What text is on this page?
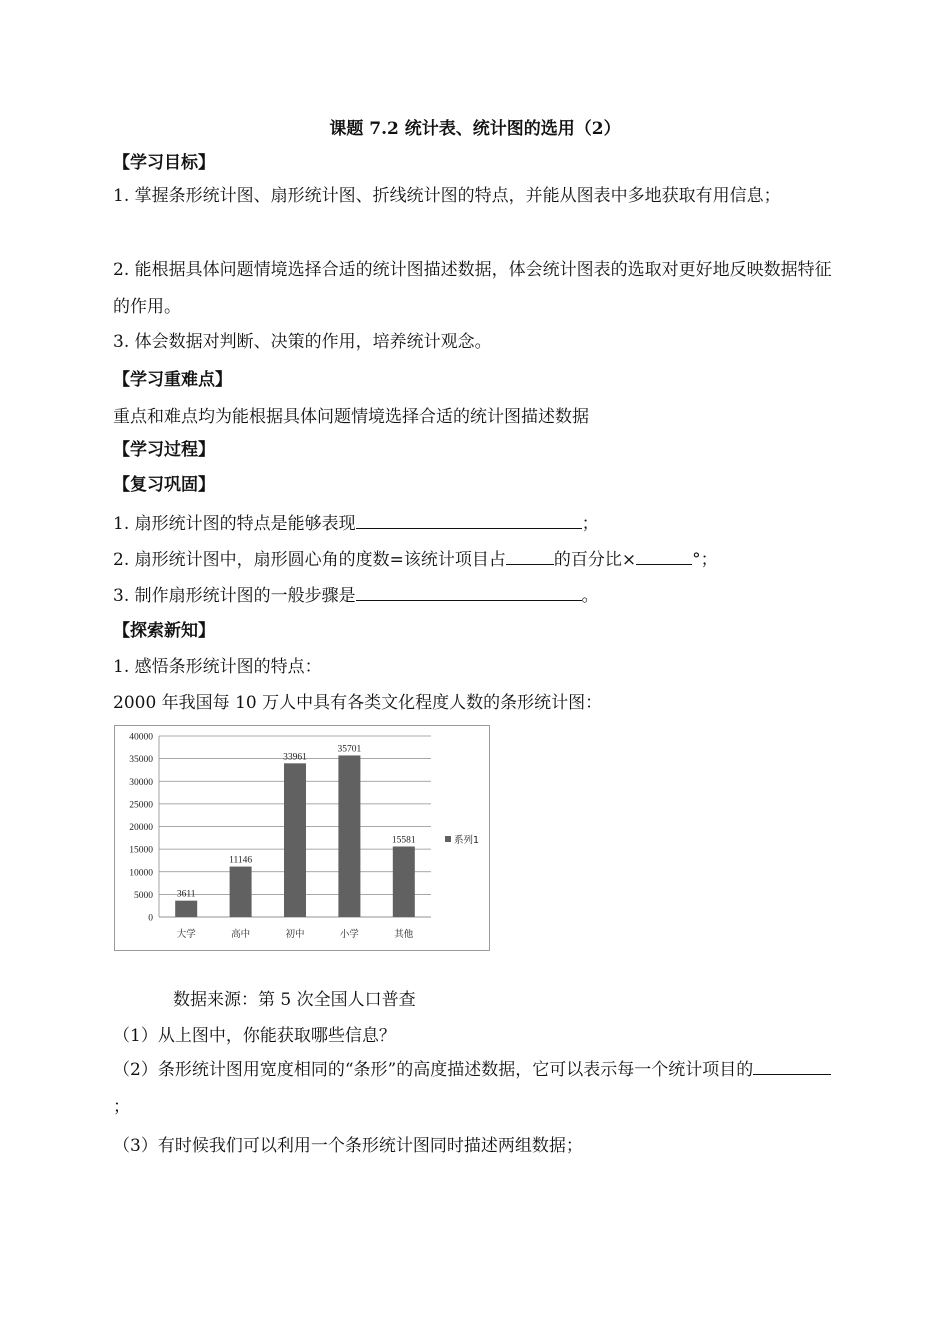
课题 7.2 统计表、统计图的选用（2）
【学习目标】
1. 掌握条形统计图、扇形统计图、折线统计图的特点，并能从图表中多地获取有用信息；
2. 能根据具体问题情境选择合适的统计图描述数据，体会统计图表的选取对更好地反映数据特征的作用。
3. 体会数据对判断、决策的作用，培养统计观念。
【学习重难点】
重点和难点均为能根据具体问题情境选择合适的统计图描述数据
【学习过程】
【复习巩固】
1. 扇形统计图的特点是能够表现	；
2. 扇形统计图中，扇形圆心角的度数=该统计项目占	的百分比×	°；
3. 制作扇形统计图的一般步骤是	。
【探索新知】
1. 感悟条形统计图的特点：
2000 年我国每 10 万人中具有各类文化程度人数的条形统计图：
0
5000
10000
15000
20000
25000
30000
35000
40000
3611
大学
11146
高中
33961
初中
35701
小学
15581
其他
系列1
数据来源：第 5 次全国人口普查
（1）从上图中，你能获取哪些信息？
（2）条形统计图用宽度相同的“条形”的高度描述数据，它可以表示每一个统计项目的；
（3）有时候我们可以利用一个条形统计图同时描述两组数据；
